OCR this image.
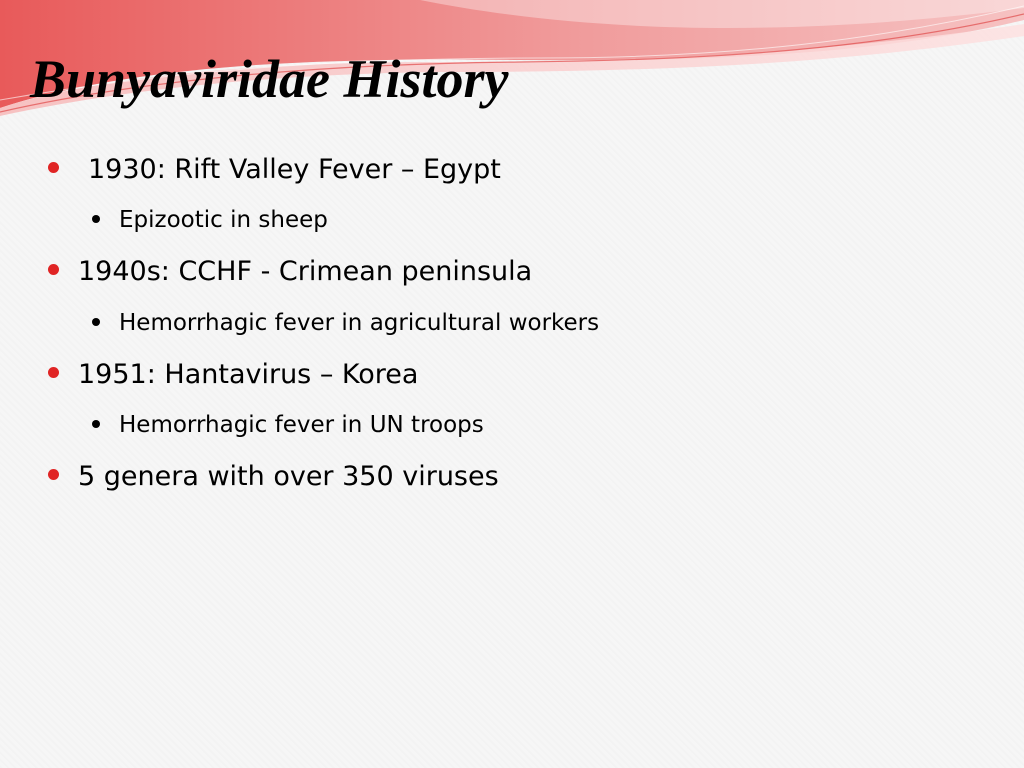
Bunyaviridae History
1930: Rift Valley Fever – Egypt
Epizootic in sheep
1940s: CCHF - Crimean peninsula
Hemorrhagic fever in agricultural workers
1951: Hantavirus – Korea
Hemorrhagic fever in UN troops
5 genera with over 350 viruses
